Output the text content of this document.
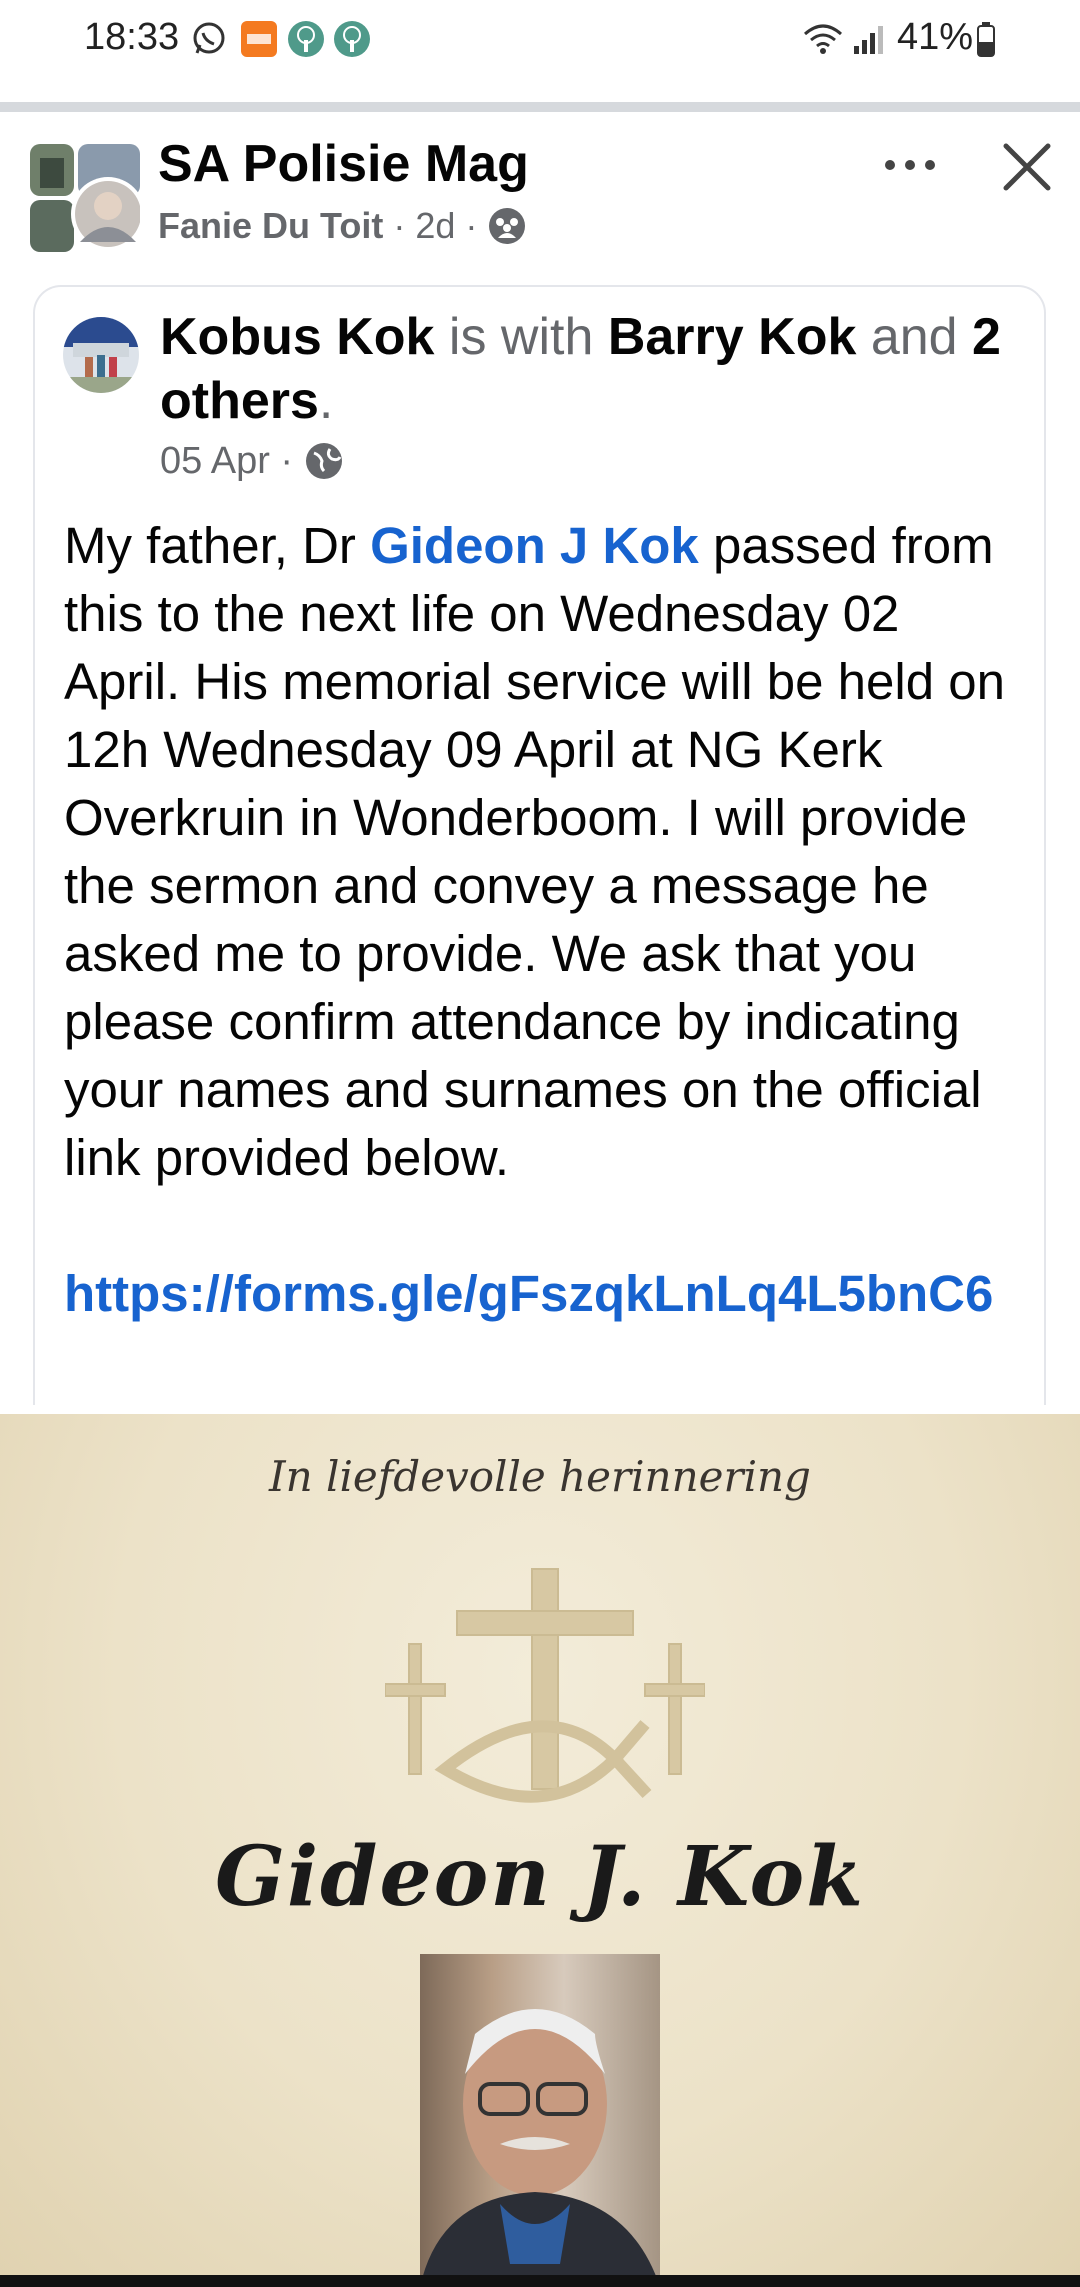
18:33	41%
SA Polisie Mag
Fanie Du Toit · 2d ·
Kobus Kok is with Barry Kok and 2 others.
05 Apr ·
My father, Dr Gideon J Kok passed from this to the next life on Wednesday 02 April. His memorial service will be held on 12h Wednesday 09 April at NG Kerk Overkruin in Wonderboom. I will provide the sermon and convey a message he asked me to provide. We ask that you please confirm attendance by indicating your names and surnames on the official link provided below.
https://forms.gle/gFszqkLnLq4L5bnC6
In liefdevolle herinnering
Gideon J. Kok
